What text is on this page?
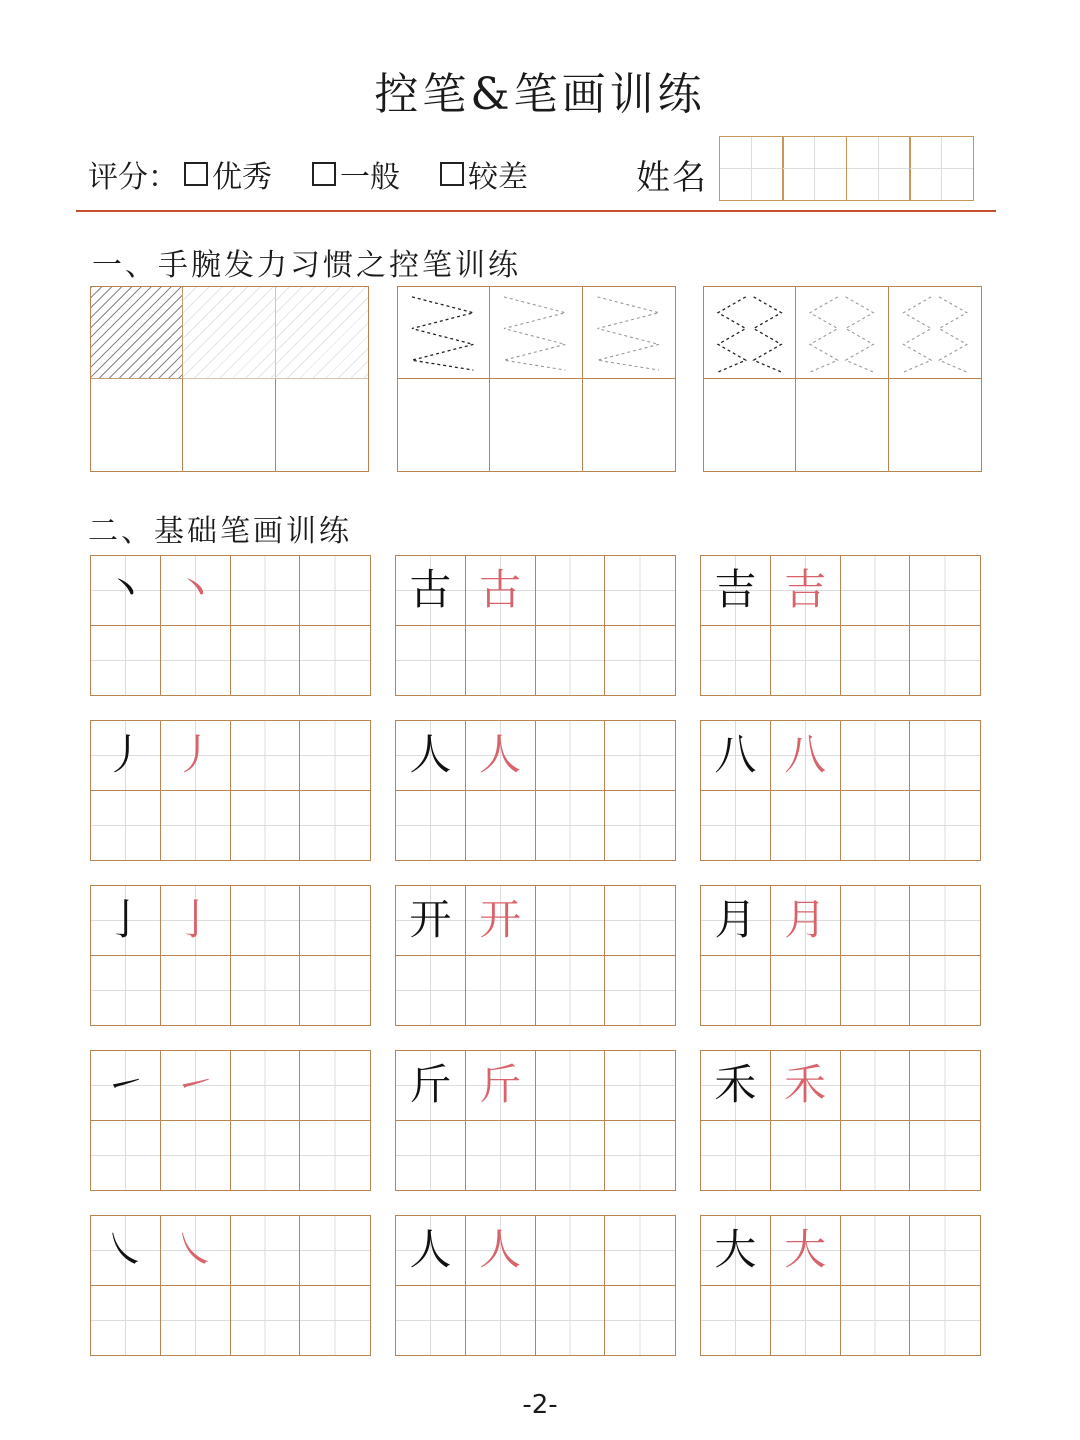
控笔&笔画训练
评分： 优秀 一般 较差	姓名
一、手腕发力习惯之控笔训练
二、基础笔画训练
丶 丶	古 古	吉 吉
丿 丿	人 人	八 八
亅 亅	开 开	月 月
㇀ ㇀	斤 斤	禾 禾
㇏ ㇏	人 人	大 大
-2-
